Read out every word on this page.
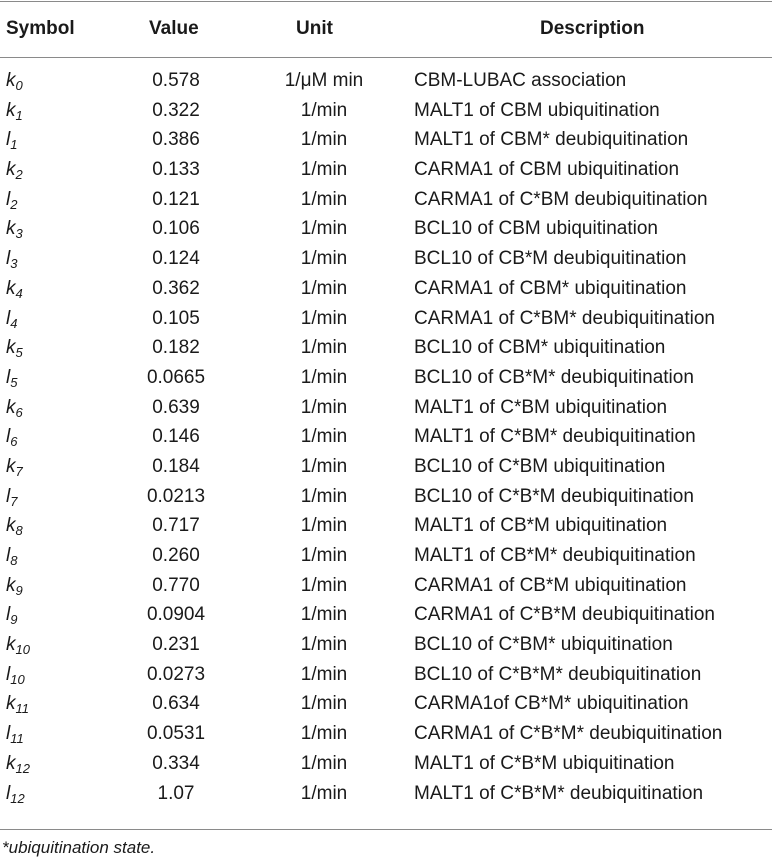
Symbol	Value	Unit	Description
$k_0$	0.578	1/μM min	CBM-LUBAC association
$k_1$	0.322	1/min	MALT1 of CBM ubiquitination
$l_1$	0.386	1/min	MALT1 of CBM* deubiquitination
$k_2$	0.133	1/min	CARMA1 of CBM ubiquitination
$l_2$	0.121	1/min	CARMA1 of C*BM deubiquitination
$k_3$	0.106	1/min	BCL10 of CBM ubiquitination
$l_3$	0.124	1/min	BCL10 of CB*M deubiquitination
$k_4$	0.362	1/min	CARMA1 of CBM* ubiquitination
$l_4$	0.105	1/min	CARMA1 of C*BM* deubiquitination
$k_5$	0.182	1/min	BCL10 of CBM* ubiquitination
$l_5$	0.0665	1/min	BCL10 of CB*M* deubiquitination
$k_6$	0.639	1/min	MALT1 of C*BM ubiquitination
$l_6$	0.146	1/min	MALT1 of C*BM* deubiquitination
$k_7$	0.184	1/min	BCL10 of C*BM ubiquitination
$l_7$	0.0213	1/min	BCL10 of C*B*M deubiquitination
$k_8$	0.717	1/min	MALT1 of CB*M ubiquitination
$l_8$	0.260	1/min	MALT1 of CB*M* deubiquitination
$k_9$	0.770	1/min	CARMA1 of CB*M ubiquitination
$l_9$	0.0904	1/min	CARMA1 of C*B*M deubiquitination
$k_{10}$	0.231	1/min	BCL10 of C*BM* ubiquitination
$l_{10}$	0.0273	1/min	BCL10 of C*B*M* deubiquitination
$k_{11}$	0.634	1/min	CARMA1of CB*M* ubiquitination
$l_{11}$	0.0531	1/min	CARMA1 of C*B*M* deubiquitination
$k_{12}$	0.334	1/min	MALT1 of C*B*M ubiquitination
$l_{12}$	1.07	1/min	MALT1 of C*B*M* deubiquitination
*ubiquitination state.
